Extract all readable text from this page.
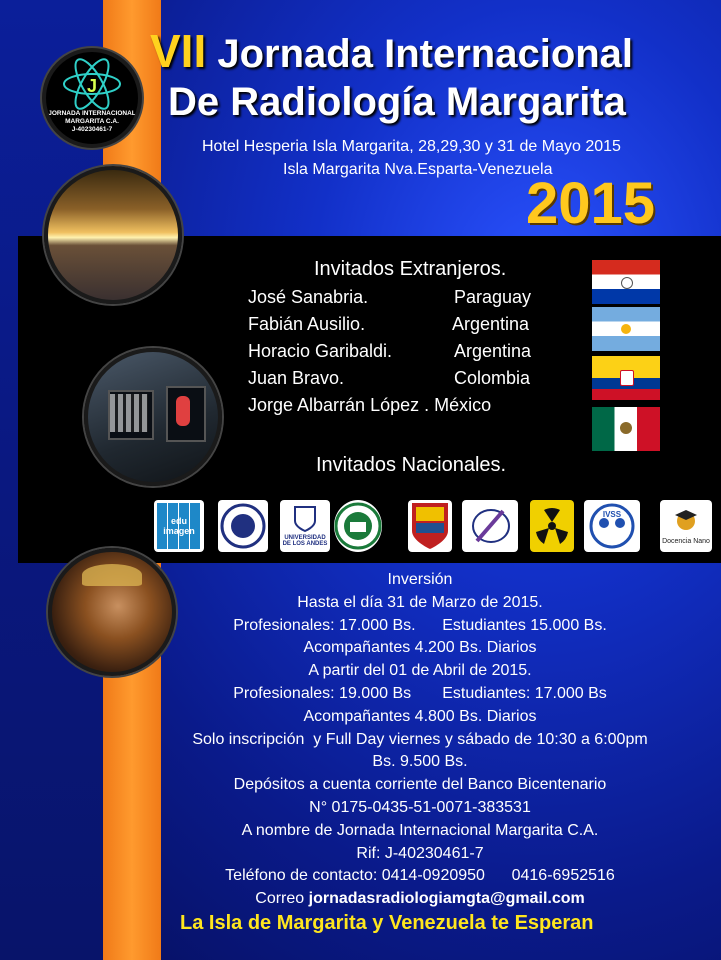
J
JORNADA INTERNACIONAL
MARGARITA C.A.
J-40230461-7
VII Jornada Internacional
De Radiología Margarita
Hotel Hesperia Isla Margarita, 28,29,30 y 31 de Mayo 2015
Isla Margarita Nva.Esparta-Venezuela
2015
Invitados Extranjeros.
José Sanabria.	Paraguay
Fabián Ausilio.	Argentina
Horacio Garibaldi.	Argentina
Juan Bravo.	Colombia
Jorge Albarrán López . México
Invitados Nacionales.
edu imagen
UNIVERSIDAD DE LOS ANDES
IVSS
Docencia Nano
Inversión
Hasta el día 31 de Marzo de 2015.
Profesionales: 17.000 Bs.      Estudiantes 15.000 Bs.
Acompañantes 4.200 Bs. Diarios
A partir del 01 de Abril de 2015.
Profesionales: 19.000 Bs       Estudiantes: 17.000 Bs
Acompañantes 4.800 Bs. Diarios
Solo inscripción  y Full Day viernes y sábado de 10:30 a 6:00pm
Bs. 9.500 Bs.
Depósitos a cuenta corriente del Banco Bicentenario
N° 0175-0435-51-0071-383531
A nombre de Jornada Internacional Margarita C.A.
Rif: J-40230461-7
Teléfono de contacto: 0414-0920950      0416-6952516
Correo jornadasradiologiamgta@gmail.com
La Isla de Margarita y Venezuela te Esperan
